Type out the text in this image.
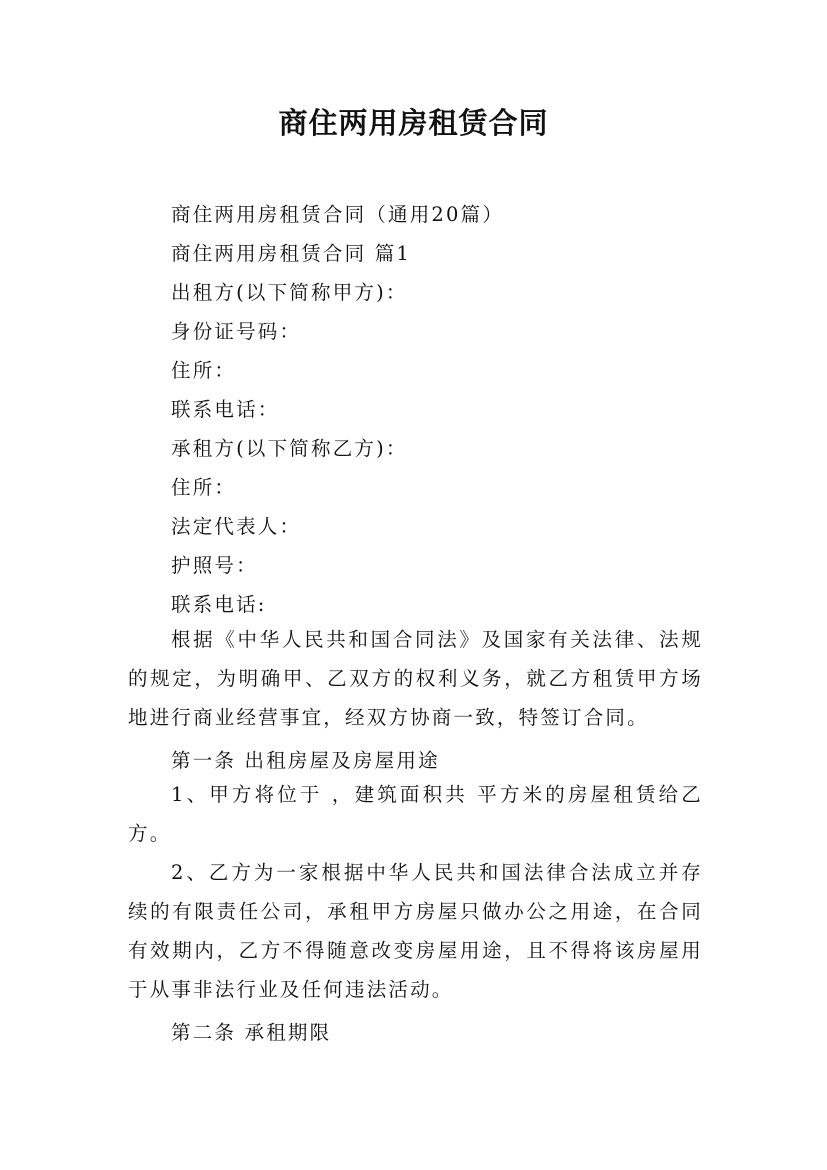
商住两用房租赁合同
商住两用房租赁合同（通用20篇）
商住两用房租赁合同 篇1
出租方(以下简称甲方)：
身份证号码：
住所：
联系电话：
承租方(以下简称乙方)：
住所：
法定代表人：
护照号：
联系电话:
根据《中华人民共和国合同法》及国家有关法律、法规的规定，为明确甲、乙双方的权利义务，就乙方租赁甲方场地进行商业经营事宜，经双方协商一致，特签订合同。
第一条 出租房屋及房屋用途
1、甲方将位于 ，建筑面积共 平方米的房屋租赁给乙方。
2、乙方为一家根据中华人民共和国法律合法成立并存续的有限责任公司，承租甲方房屋只做办公之用途，在合同有效期内，乙方不得随意改变房屋用途，且不得将该房屋用于从事非法行业及任何违法活动。
第二条 承租期限
